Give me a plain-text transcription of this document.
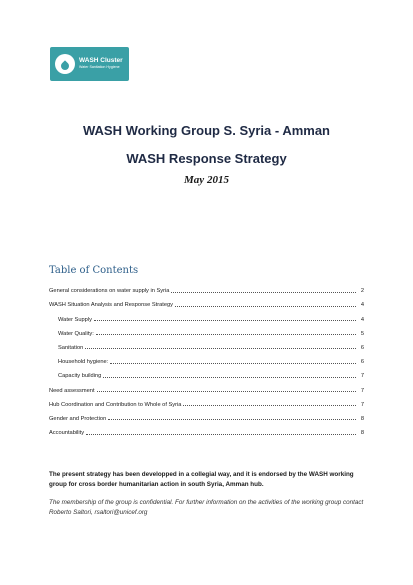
WASH Cluster
Water Sanitation Hygiene
WASH Working Group S. Syria - Amman
WASH Response Strategy
May 2015
Table of Contents
General considerations on water supply in Syria	2
WASH Situation Analysis and Response Strategy	4
Water Supply	4
Water Quality:	5
Sanitation	6
Household hygiene:	6
Capacity building	7
Need assessment	7
Hub Coordination and Contribution to Whole of Syria	7
Gender and Protection	8
Accountability	8
The present strategy has been developped in a collegial way, and it is endorsed by the WASH working group for cross border humanitarian action in south Syria, Amman hub.
The membership of the group is confidential. For further information on the activities of the working group contact Roberto Saltori, rsaltori@unicef.org
